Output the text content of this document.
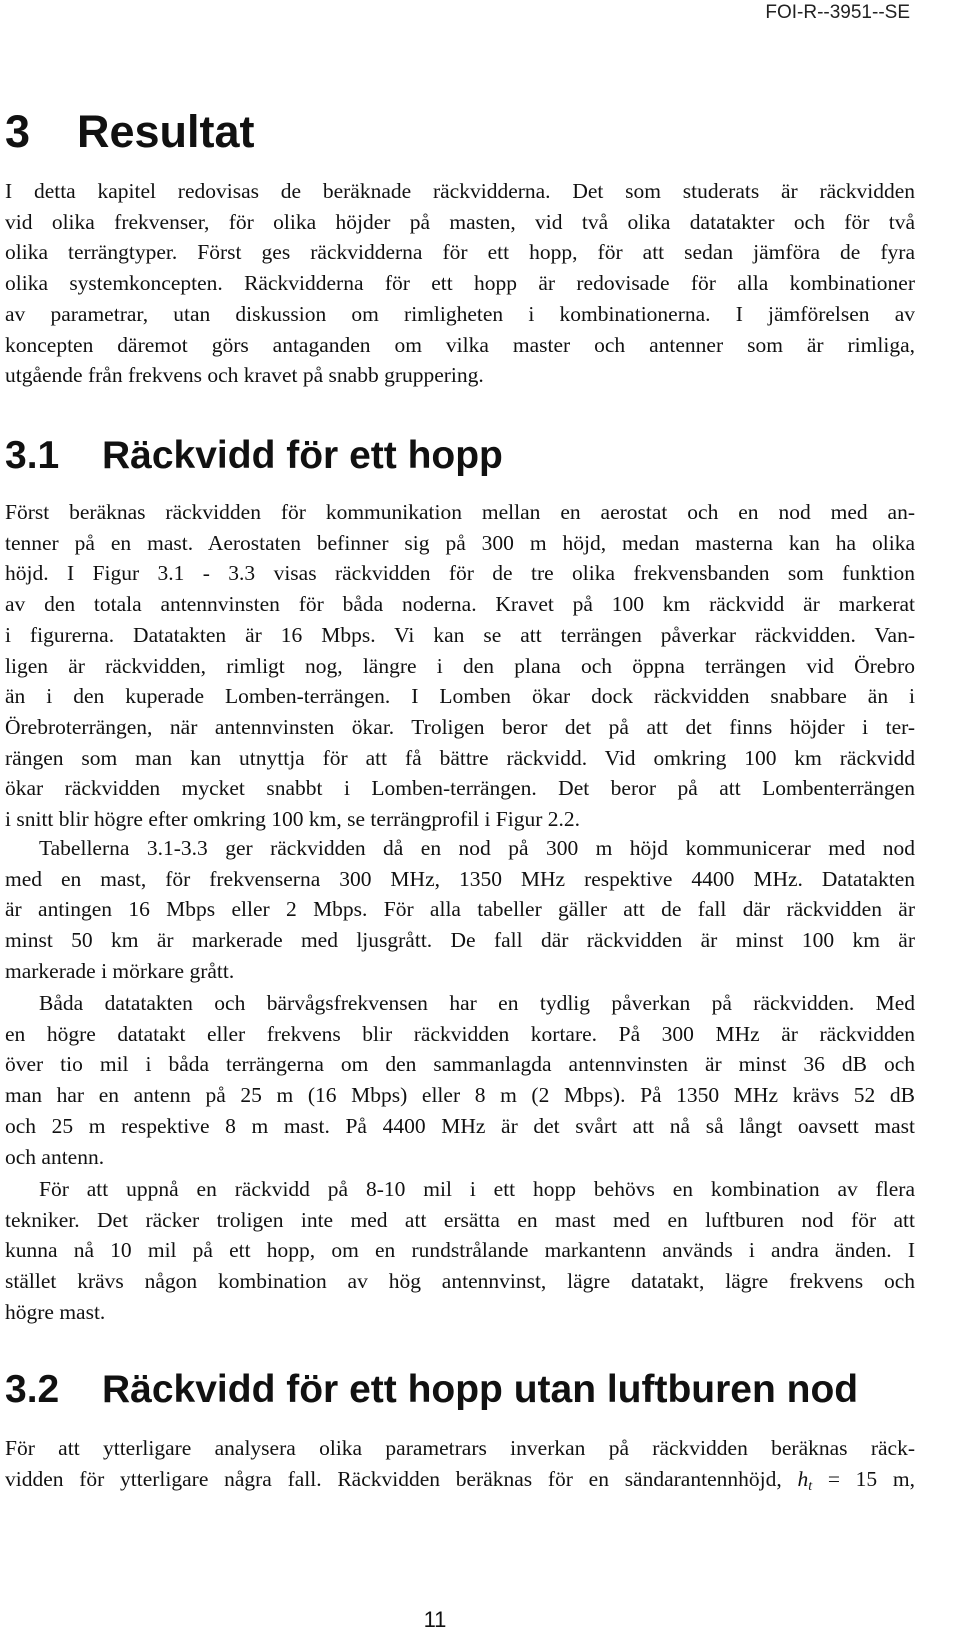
FOI-R--3951--SE
3 Resultat
I detta kapitel redovisas de beräknade räckvidderna. Det som studerats är räckvidden
vid olika frekvenser, för olika höjder på masten, vid två olika datatakter och för två
olika terrängtyper. Först ges räckvidderna för ett hopp, för att sedan jämföra de fyra
olika systemkoncepten. Räckvidderna för ett hopp är redovisade för alla kombinationer
av parametrar, utan diskussion om rimligheten i kombinationerna. I jämförelsen av
koncepten däremot görs antaganden om vilka master och antenner som är rimliga,
utgående från frekvens och kravet på snabb gruppering.
3.1 Räckvidd för ett hopp
Först beräknas räckvidden för kommunikation mellan en aerostat och en nod med an-
tenner på en mast. Aerostaten befinner sig på 300 m höjd, medan masterna kan ha olika
höjd. I Figur 3.1 - 3.3 visas räckvidden för de tre olika frekvensbanden som funktion
av den totala antennvinsten för båda noderna. Kravet på 100 km räckvidd är markerat
i figurerna. Datatakten är 16 Mbps. Vi kan se att terrängen påverkar räckvidden. Van-
ligen är räckvidden, rimligt nog, längre i den plana och öppna terrängen vid Örebro
än i den kuperade Lomben-terrängen. I Lomben ökar dock räckvidden snabbare än i
Örebroterrängen, när antennvinsten ökar. Troligen beror det på att det finns höjder i ter-
rängen som man kan utnyttja för att få bättre räckvidd. Vid omkring 100 km räckvidd
ökar räckvidden mycket snabbt i Lomben-terrängen. Det beror på att Lombenterrängen
i snitt blir högre efter omkring 100 km, se terrängprofil i Figur 2.2.
Tabellerna 3.1-3.3 ger räckvidden då en nod på 300 m höjd kommunicerar med nod
med en mast, för frekvenserna 300 MHz, 1350 MHz respektive 4400 MHz. Datatakten
är antingen 16 Mbps eller 2 Mbps. För alla tabeller gäller att de fall där räckvidden är
minst 50 km är markerade med ljusgrått. De fall där räckvidden är minst 100 km är
markerade i mörkare grått.
Båda datatakten och bärvågsfrekvensen har en tydlig påverkan på räckvidden. Med
en högre datatakt eller frekvens blir räckvidden kortare. På 300 MHz är räckvidden
över tio mil i båda terrängerna om den sammanlagda antennvinsten är minst 36 dB och
man har en antenn på 25 m (16 Mbps) eller 8 m (2 Mbps). På 1350 MHz krävs 52 dB
och 25 m respektive 8 m mast. På 4400 MHz är det svårt att nå så långt oavsett mast
och antenn.
För att uppnå en räckvidd på 8-10 mil i ett hopp behövs en kombination av flera
tekniker. Det räcker troligen inte med att ersätta en mast med en luftburen nod för att
kunna nå 10 mil på ett hopp, om en rundstrålande markantenn används i andra änden. I
stället krävs någon kombination av hög antennvinst, lägre datatakt, lägre frekvens och
högre mast.
3.2 Räckvidd för ett hopp utan luftburen nod
För att ytterligare analysera olika parametrars inverkan på räckvidden beräknas räck-
vidden för ytterligare några fall. Räckvidden beräknas för en sändarantennhöjd, $h_t = 15$ m,
11
